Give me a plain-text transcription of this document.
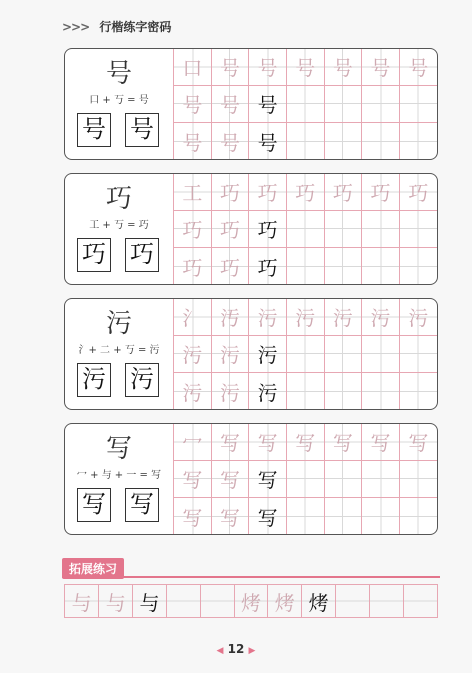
>>> 行楷练字密码
号
口 + 丂 = 号
号 号
口	号	号	号	号	号	号
号	号	号				
号	号	号				
巧
工 + 丂 = 巧
巧 巧
工	巧	巧	巧	巧	巧	巧
巧	巧	巧				
巧	巧	巧				
污
氵+ 二 + 丂 = 污
污 污
氵	汚	污	污	污	污	污
污	污	污				
污	污	污				
写
冖 + 与 + 一 = 写
写 写
冖	写	写	写	写	写	写
写	写	写				
写	写	写				
拓展练习
与	与	与			烤	烤	烤			
◀ 12 ▶
